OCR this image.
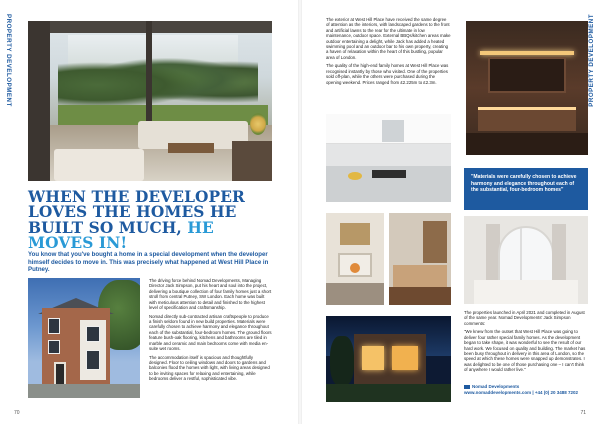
PROPERTY DEVELOPMENT
WHEN THE DEVELOPER LOVES THE HOMES HE BUILT SO MUCH, HE MOVES IN!
You know that you've bought a home in a special development when the developer himself decides to move in. This was precisely what happened at West Hill Place in Putney.

The driving force behind Nomad Developments, Managing Director Jack Simpson, put his heart and soul into the project, delivering a boutique collection of four family homes just a short stroll from central Putney, SW London. Each home was built with meticulous attention to detail and finished to the highest level of specification and craftsmanship.

Nomad directly sub-contracted artisan craftspeople to produce a finish seldom found in new build properties. Materials were carefully chosen to achieve harmony and elegance throughout each of the substantial, four-bedroom homes. The ground floors feature bush-oak flooring, kitchens and bathrooms are tiled in marble and ceramic and main bedrooms come with media en-suite wet rooms.

The accommodation itself is spacious and thoughtfully designed. Floor to ceiling windows and doors to gardens and balconies flood the homes with light, with living areas designed to be inviting spaces for relaxing and entertaining, while bedrooms deliver a restful, sophisticated vibe.

70
PROPERTY DEVELOPMENT

The exterior at West Hill Place have received the same degree of attention as the interiors, with landscaped gardens to the front and artificial lawns to the rear for the ultimate in low maintenance, outdoor space. External BBQs/kitchen areas make outdoor entertaining a delight, while Jack has added a heated swimming pool and an outdoor bar to his own property, creating a haven of relaxation within the heart of this bustling, popular area of London.

The quality of the high-end family homes at West Hill Place was recognised instantly by those who visited. One of the properties sold off-plan, while the others were purchased during the opening weekend. Prices ranged from £2.225m to £2.3m.

"Materials were carefully chosen to achieve harmony and elegance throughout each of the substantial, four-bedroom homes"

The properties launched in April 2021 and completed in August of the same year. Nomad Developments' Jack Simpson comments:

"We knew from the outset that West Hill Place was going to deliver four rather special family homes. As the development began to take shape, it was wonderful to see the result of our hard work. We focused on quality and building. The market has been busy throughout in delivery in this area of London, so the speed at which these homes were snapped up demonstrates. I was delighted to be one of those purchasing one – I can't think of anywhere I would rather live."

Nomad Developments
www.nomaddevelopments.com | +44 (0) 20 3488 7202
71
